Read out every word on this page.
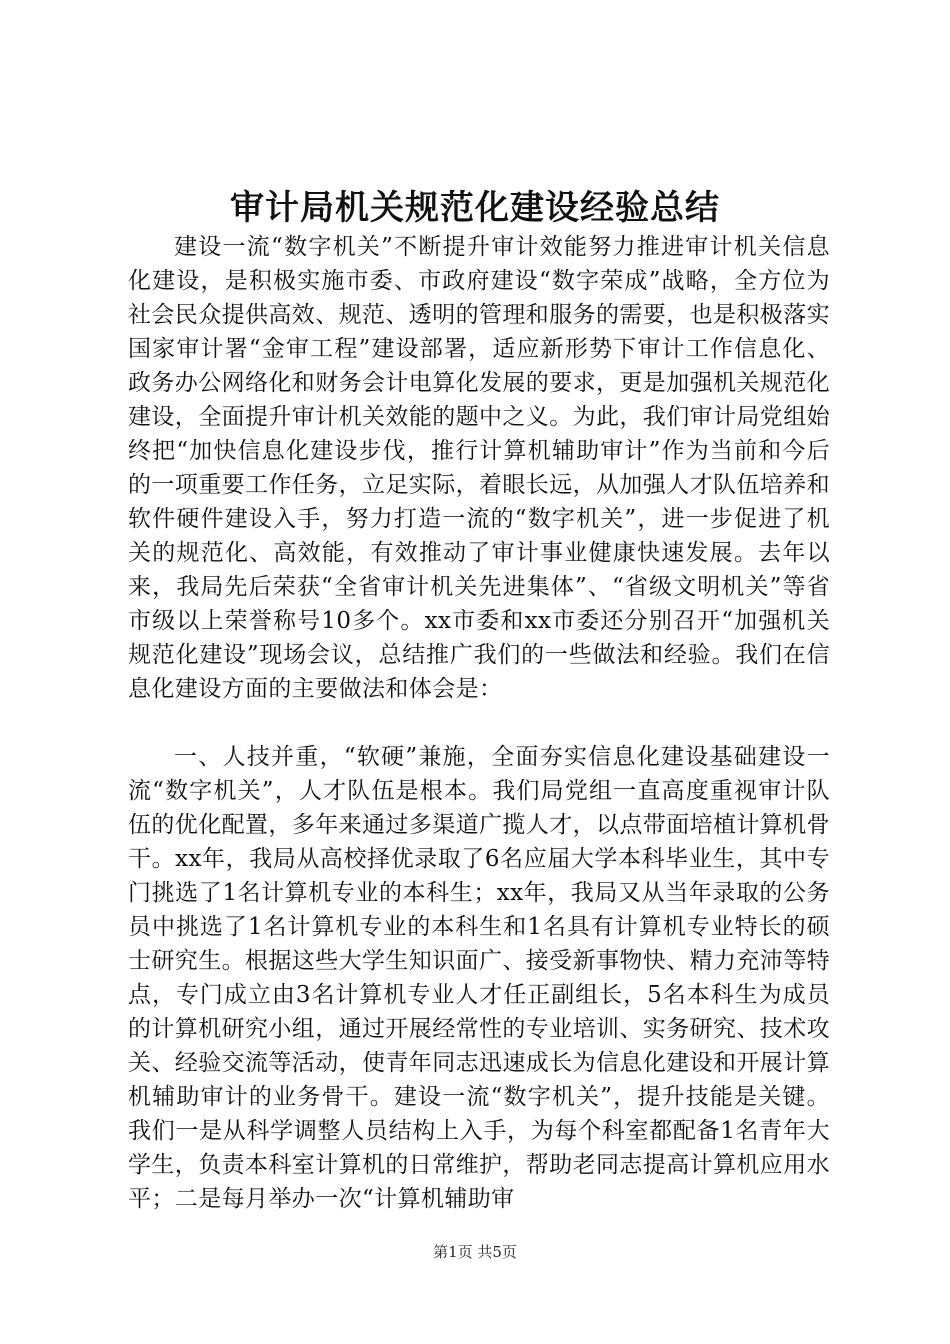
审计局机关规范化建设经验总结

建设一流“数字机关”不断提升审计效能努力推进审计机关信息化建设，是积极实施市委、市政府建设“数字荣成”战略，全方位为社会民众提供高效、规范、透明的管理和服务的需要，也是积极落实国家审计署“金审工程”建设部署，适应新形势下审计工作信息化、政务办公网络化和财务会计电算化发展的要求，更是加强机关规范化建设，全面提升审计机关效能的题中之义。为此，我们审计局党组始终把“加快信息化建设步伐，推行计算机辅助审计”作为当前和今后的一项重要工作任务，立足实际，着眼长远，从加强人才队伍培养和软件硬件建设入手，努力打造一流的“数字机关”，进一步促进了机关的规范化、高效能，有效推动了审计事业健康快速发展。去年以来，我局先后荣获“全省审计机关先进集体”、“省级文明机关”等省市级以上荣誉称号10多个。xx市委和xx市委还分别召开“加强机关规范化建设”现场会议，总结推广我们的一些做法和经验。我们在信息化建设方面的主要做法和体会是：

一、人技并重，“软硬”兼施，全面夯实信息化建设基础建设一流“数字机关”，人才队伍是根本。我们局党组一直高度重视审计队伍的优化配置，多年来通过多渠道广揽人才，以点带面培植计算机骨干。xx年，我局从高校择优录取了6名应届大学本科毕业生，其中专门挑选了1名计算机专业的本科生；xx年，我局又从当年录取的公务员中挑选了1名计算机专业的本科生和1名具有计算机专业特长的硕士研究生。根据这些大学生知识面广、接受新事物快、精力充沛等特点，专门成立由3名计算机专业人才任正副组长，5名本科生为成员的计算机研究小组，通过开展经常性的专业培训、实务研究、技术攻关、经验交流等活动，使青年同志迅速成长为信息化建设和开展计算机辅助审计的业务骨干。建设一流“数字机关”，提升技能是关键。我们一是从科学调整人员结构上入手，为每个科室都配备1名青年大学生，负责本科室计算机的日常维护，帮助老同志提高计算机应用水平；二是每月举办一次“计算机辅助审

第1页 共5页
